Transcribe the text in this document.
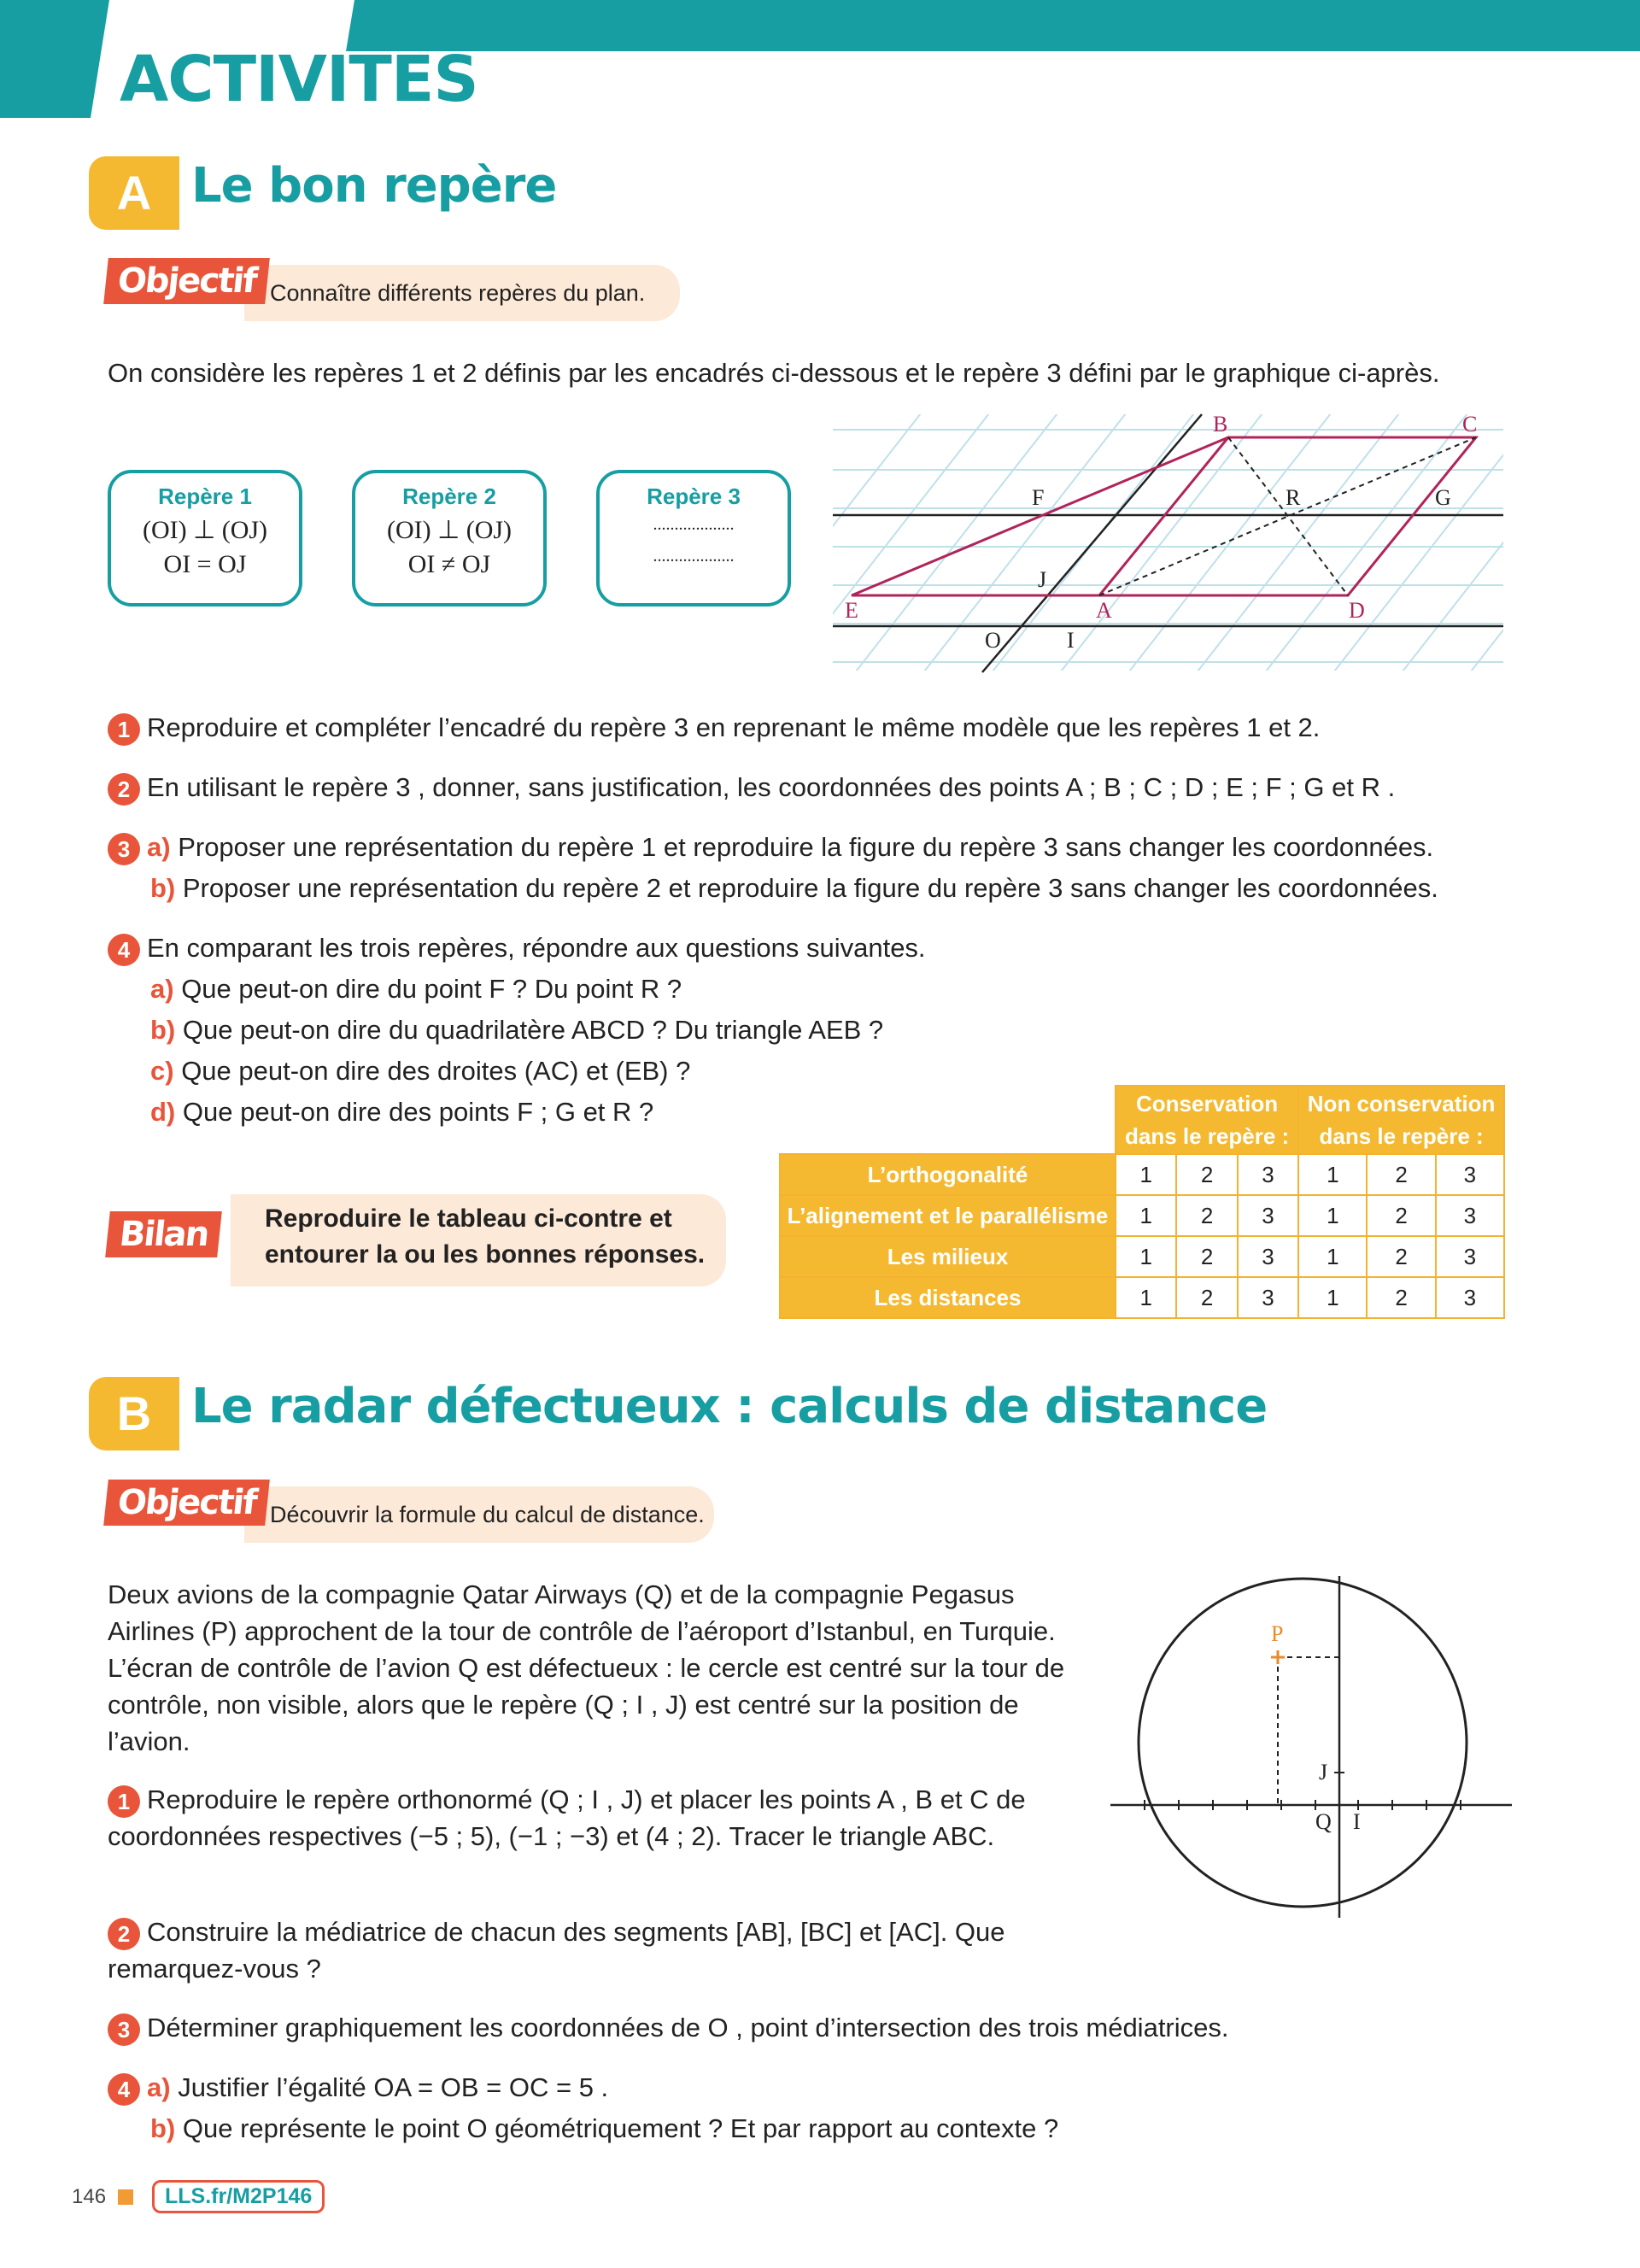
ACTIVITÉS
A Le bon repère
Connaître différents repères du plan.
Objectif
On considère les repères 1 et 2 définis par les encadrés ci-dessous et le repère 3 défini par le graphique ci-après.
Repère 1
(OI) ⊥ (OJ)
OI = OJ
Repère 2
(OI) ⊥ (OJ)
OI ≠ OJ
Repère 3
...................
...................
B	C
F	R	G
J
E	A	D
O	I
1 Reproduire et compléter l’encadré du repère 3 en reprenant le même modèle que les repères 1 et 2.
2 En utilisant le repère 3 , donner, sans justification, les coordonnées des points A ; B ; C ; D ; E ; F ; G et R .
3 a) Proposer une représentation du repère 1 et reproduire la figure du repère 3 sans changer les coordonnées.
b) Proposer une représentation du repère 2 et reproduire la figure du repère 3 sans changer les coordonnées.
4 En comparant les trois repères, répondre aux questions suivantes.
a) Que peut-on dire du point F ? Du point R ?
b) Que peut-on dire du quadrilatère ABCD ? Du triangle AEB ?
c) Que peut-on dire des droites (AC) et (EB) ?
d) Que peut-on dire des points F ; G et R ?
Reproduire le tableau ci-contre et entourer la ou les bonnes réponses.
Bilan
	Conservation dans le repère :			Non conservation dans le repère :		
L’orthogonalité	1	2	3	1	2	3
L’alignement et le parallélisme	1	2	3	1	2	3
Les milieux	1	2	3	1	2	3
Les distances	1	2	3	1	2	3
B Le radar défectueux : calculs de distance
Découvrir la formule du calcul de distance.
Objectif
Deux avions de la compagnie Qatar Airways (Q) et de la compagnie Pegasus Airlines (P) approchent de la tour de contrôle de l’aéroport d’Istanbul, en Turquie. L’écran de contrôle de l’avion Q est défectueux : le cercle est centré sur la tour de contrôle, non visible, alors que le repère (Q ; I , J) est centré sur la position de l’avion.
1 Reproduire le repère orthonormé (Q ; I , J) et placer les points A , B et C de coordonnées respectives (−5 ; 5), (−1 ; −3) et (4 ; 2). Tracer le triangle ABC.
2 Construire la médiatrice de chacun des segments [AB], [BC] et [AC]. Que remarquez-vous ?
3 Déterminer graphiquement les coordonnées de O , point d’intersection des trois médiatrices.
4 a) Justifier l’égalité OA = OB = OC = 5 .
b) Que représente le point O géométriquement ? Et par rapport au contexte ?
P
J
Q I
146	LLS.fr/M2P146
